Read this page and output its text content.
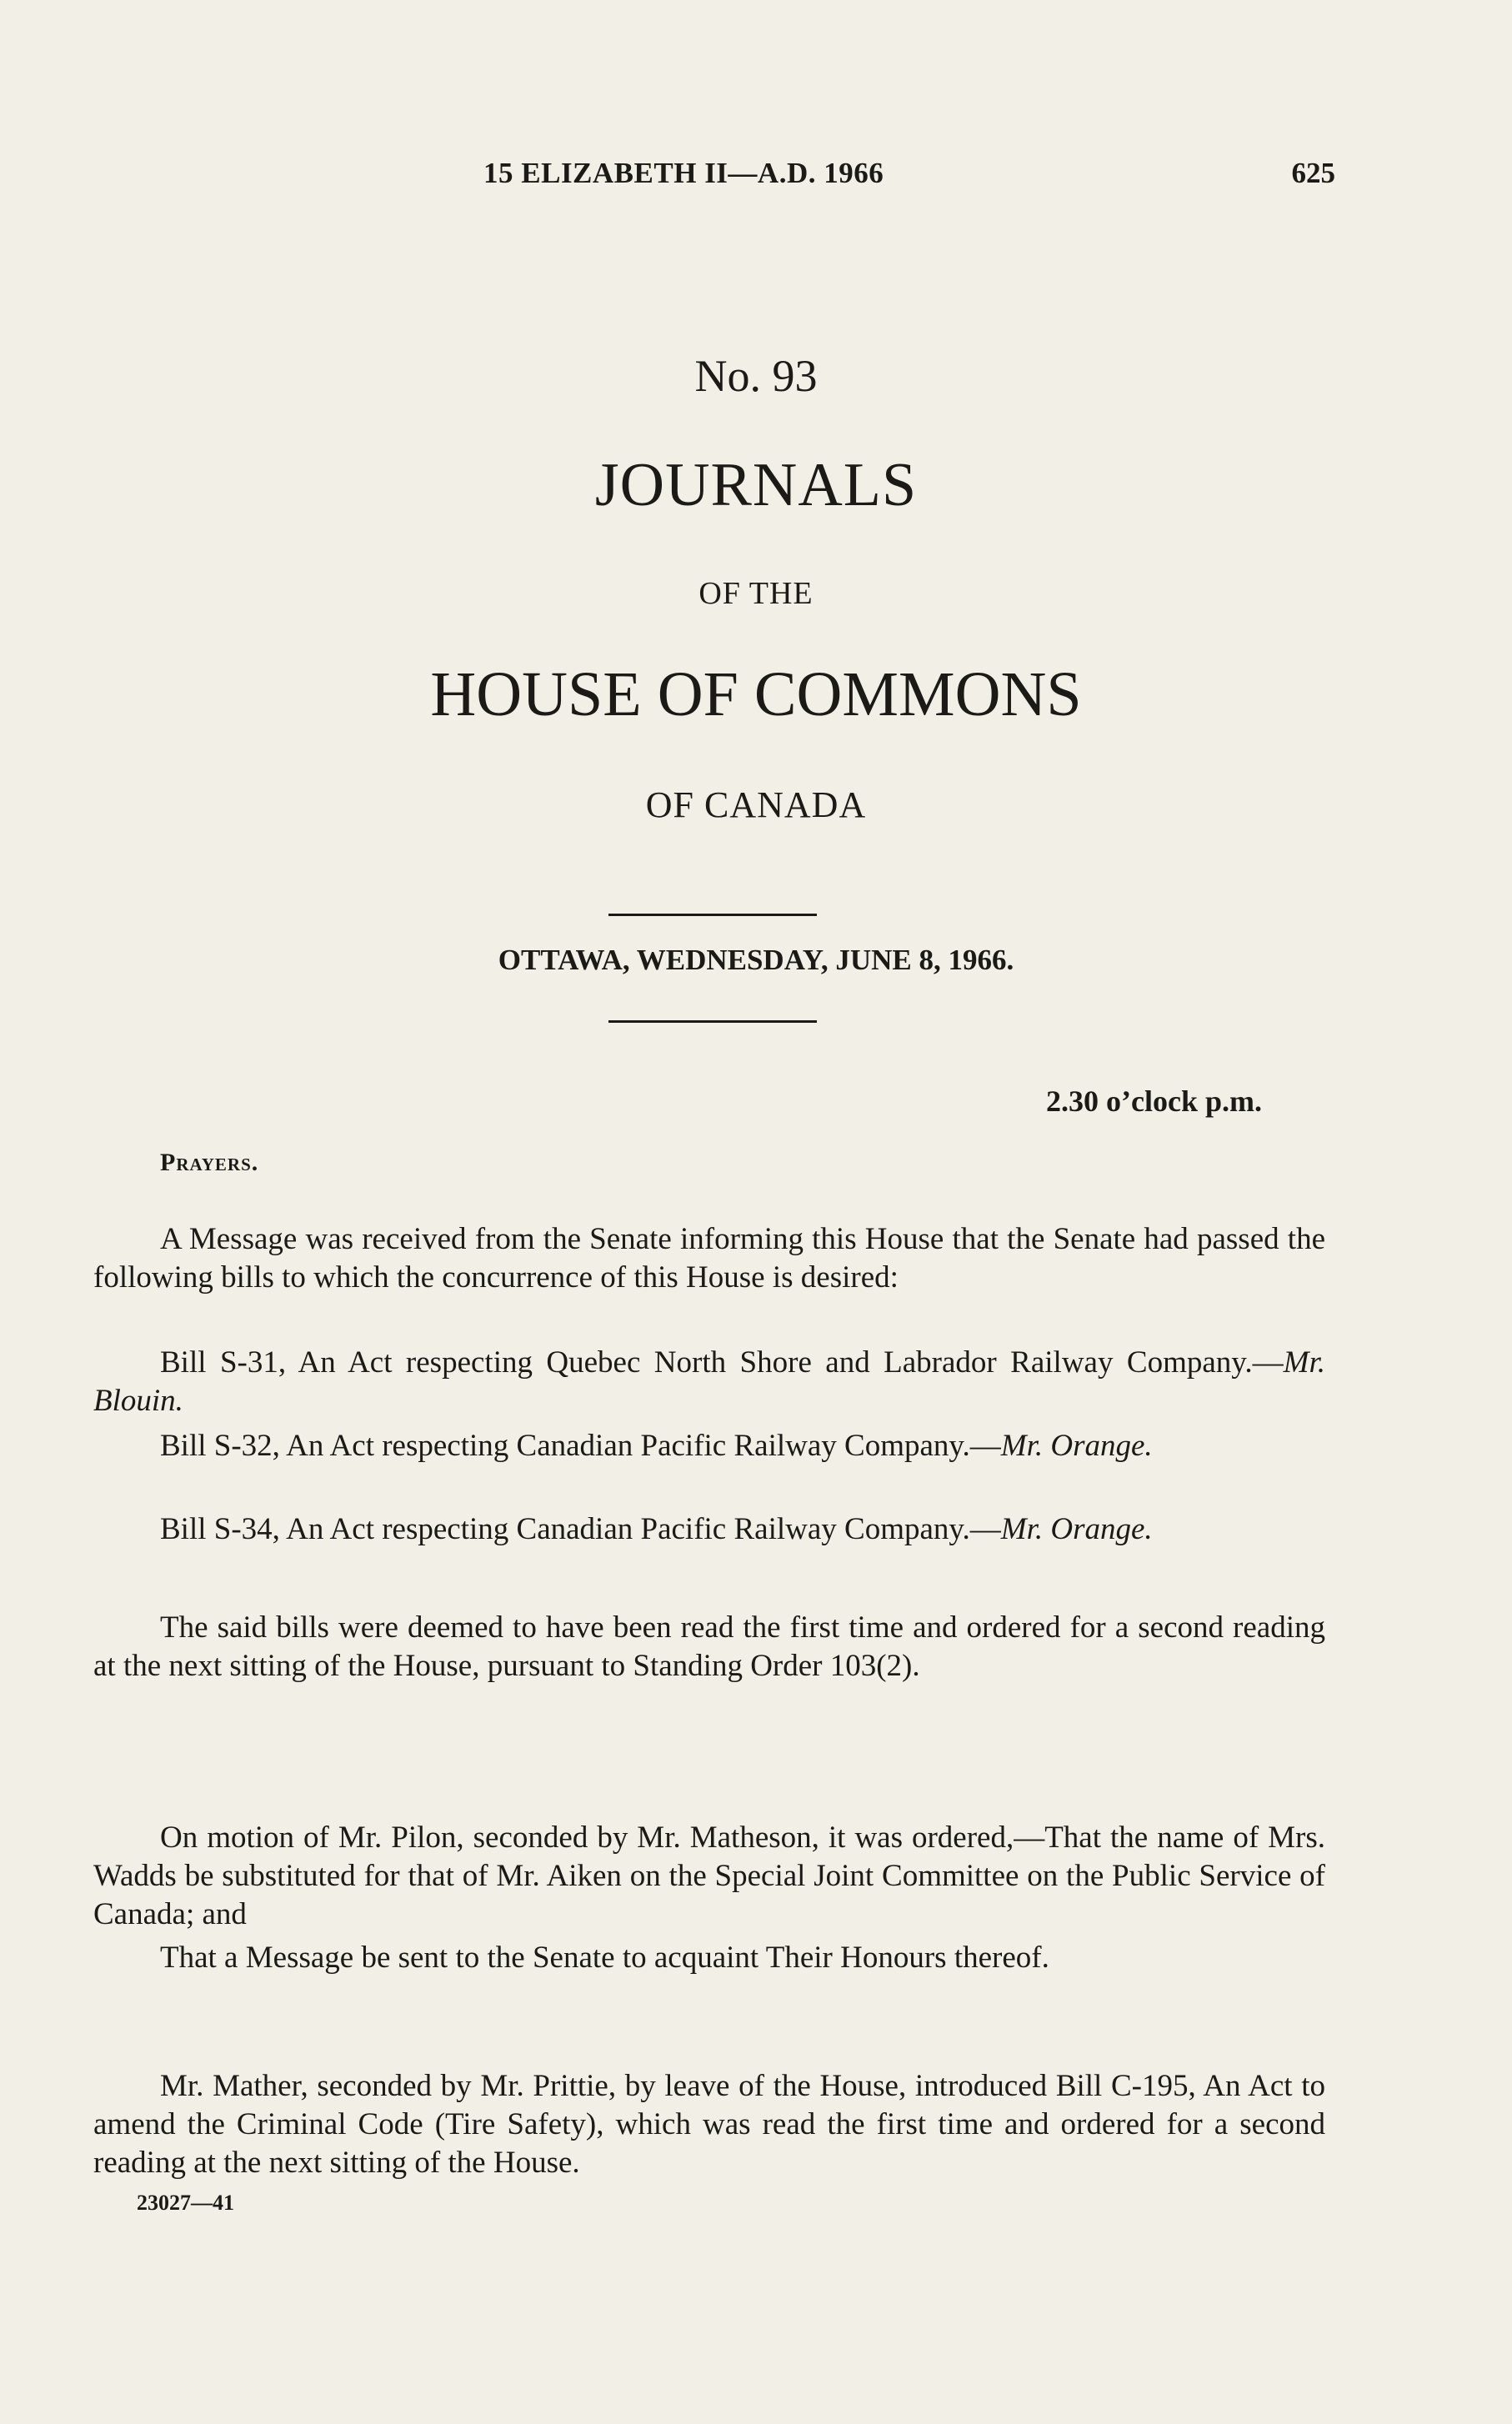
15 ELIZABETH II—A.D. 1966	625
No. 93
JOURNALS
OF THE
HOUSE OF COMMONS
OF CANADA
OTTAWA, WEDNESDAY, JUNE 8, 1966.
2.30 o’clock p.m.
Prayers.

A Message was received from the Senate informing this House that the Senate had passed the following bills to which the concurrence of this House is desired:

Bill S-31, An Act respecting Quebec North Shore and Labrador Railway Company.—Mr. Blouin.

Bill S-32, An Act respecting Canadian Pacific Railway Company.—Mr. Orange.

Bill S-34, An Act respecting Canadian Pacific Railway Company.—Mr. Orange.

The said bills were deemed to have been read the first time and ordered for a second reading at the next sitting of the House, pursuant to Standing Order 103(2).

On motion of Mr. Pilon, seconded by Mr. Matheson, it was ordered,—That the name of Mrs. Wadds be substituted for that of Mr. Aiken on the Special Joint Committee on the Public Service of Canada; and

That a Message be sent to the Senate to acquaint Their Honours thereof.

Mr. Mather, seconded by Mr. Prittie, by leave of the House, introduced Bill C-195, An Act to amend the Criminal Code (Tire Safety), which was read the first time and ordered for a second reading at the next sitting of the House.

23027—41
